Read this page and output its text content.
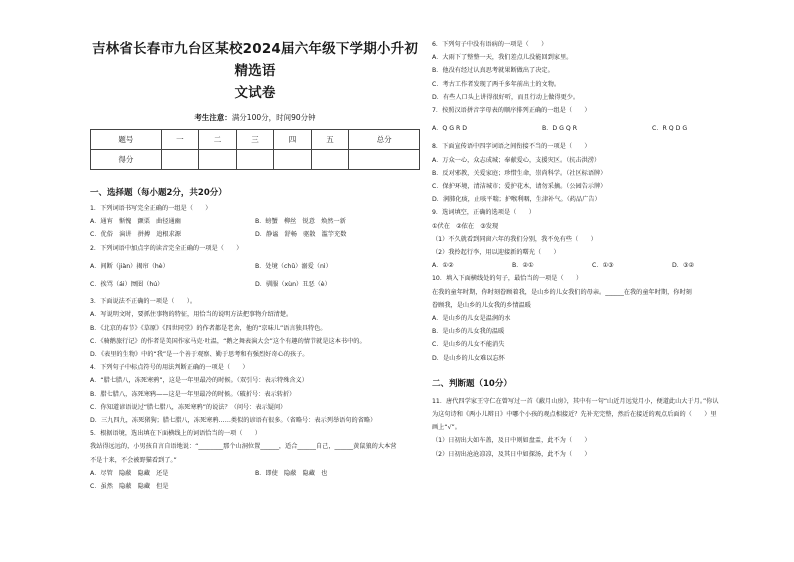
吉林省长春市九台区某校2024届六年级下学期小升初精选语
文试卷
考生注意：满分100分，时间90分钟
题号	一	二	三	四	五	总分
得分						
一、选择题（每小题2分，共20分）
1．下列词语书写完全正确的一组是（　　）
A．通宵　惭愧　颤栗　曲径通幽	B．螃蟹　柳丝　锐意　焕然一新
C．优俗　演讲　拼搏　追根求源	D．静谧　舒畅　驱散　滥竽充数
2．下列词语中加点字的读音完全正确的一项是（　　）
A．间断（jiàn）揭帘（hè）	B．处境（chǔ）溺爱（nì）
C．挨骂（ái）囫囵（hú）	D．驯服（xùn）丑恶（è）
3．下面说法不正确的一项是（　　）。
A．写说明文时，要抓住事物的特征，用恰当的说明方法把事物介绍清楚。
B．《北京的春节》《草原》《四世同堂》的作者都是老舍，他的“京味儿”语言独具特色。
C．《骑鹅旅行记》的作者是美国作家马克·吐温，“鹅之舞表演大会”这个有趣的情节就是这本书中的。
D．《表里的生物》中的“我”是一个善于观察、勤于思考和有强烈好奇心的孩子。
4．下列句子中标点符号的用法判断正确的一项是（　　）
A．“腊七腊八，冻死寒鸦”，这是一年里最冷的时候。（双引号：表示特殊含义）
B．腊七腊八，冻死寒鸦——这是一年里最冷的时候。（破折号：表示转折）
C．你知道谚语说过“腊七腊八，冻死寒鸦”的说法？（问号：表示疑问）
D．三九四九，冻死猪狗；腊七腊八，冻死寒鸦……类似的谚语有很多。（省略号：表示列举语句的省略）
5．根据语境，选出填在下面横线上的词语恰当的一项（　　）
我站得远远的，小男孩自言自语地说：“________那个山洞位置______，适合______自己，______黄鼠狼的大本营
不是十来，不会被野猫看到了。”
A．尽管　隐蔽　隐藏　还是	B．即使　隐蔽　隐藏　也
C．虽然　隐蔽　隐藏　但是
6．下列句子中没有语病的一项是（　　）
A．大雨下了整整一天，我们差点儿没能回到家里。
B．他没有经过认真思考就果断做出了决定。
C．考古工作者发现了两千多年前出土的文物。
D．有些人口头上讲得很好听，而且行动上做得更少。
7．按照汉语拼音字母表的顺序排列正确的一组是（　　）
A．Q G R D	B．D G Q R	C．R Q D G
8．下面宣传语中四字词语之间衔接不当的一项是（　　）
A．万众一心，众志成城；奉献爱心，支援灾区。（抗击洪涝）
B．反对邪教，关爱家庭；珍惜生命，崇尚科学。（社区标语牌）
C．保护环境，清洁城市；爱护花木，请勿采摘。（公园告示牌）
D．润肺化痰，止咳平喘；护喉利咽，生津补气。（药品广告）
9．选词填空，正确的选项是（　　）
①伏在　②依在　③发现
（1）不久就看到同窗六年的我们分别，我不免有些（　　）
（2）我拎起行李，用以迎接新的曙光（　　）
A．①②	B．②①	C．①③	D．③②
10．填入下面横线处的句子，最恰当的一项是（　　）
在我的童年时期，你时刻眷顾着我，是山乡的儿女我们的母亲。______在我的童年时期，你时刻
眷顾我，是山乡的儿女我的乡情温暖
A．是山乡的儿女是温润的水
B．是山乡的儿女我的温暖
C．是山乡的儿女不能消失
D．是山乡的儿女难以忘怀
二、判断题（10分）
11．唐代四学家王守仁在曾写过一首《蔽月山房》，其中有一句“山近月远觉月小，便道此山大于月。”你认
为这句诗和《两小儿辩日》中哪个小孩的观点相接近？先补充完整，然后在接近的观点后面的（　　）里
画上“√”。
（1）日初出大如车盖，及日中则如盘盂，此不为（　　）
（2）日初出沧沧凉凉，及其日中如探汤，此不为（　　）
